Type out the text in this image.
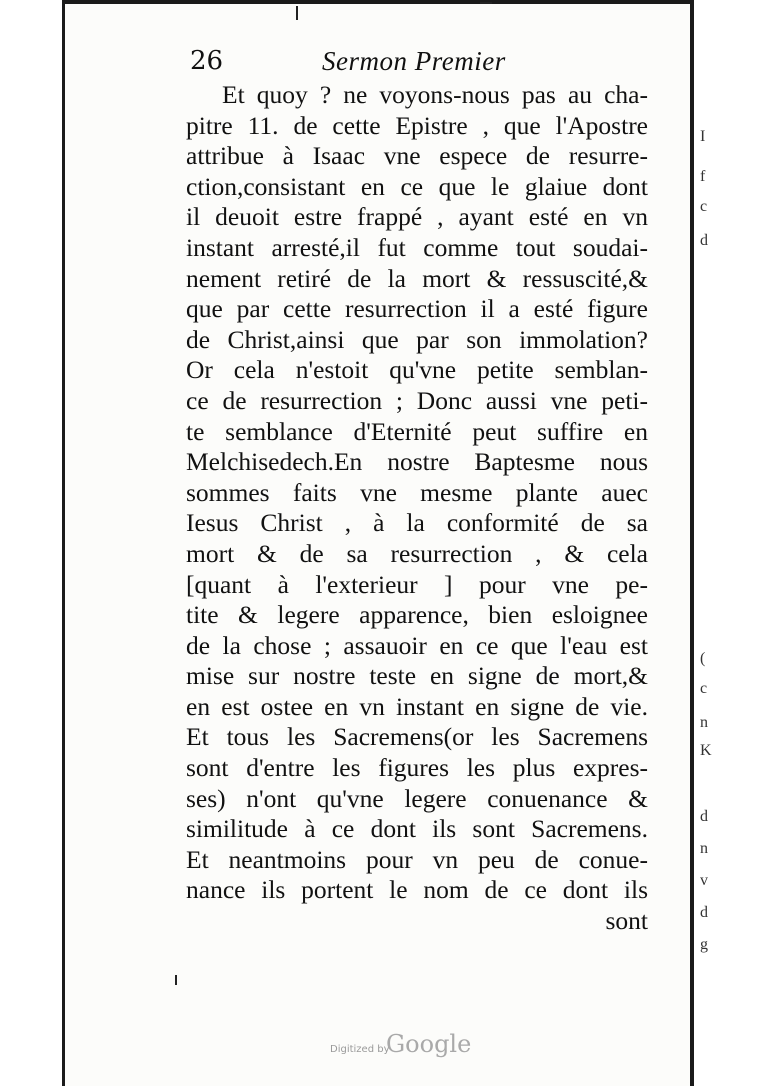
26	Sermon Premier
Et quoy ? ne voyons-nous pas au cha-
pitre 11. de cette Epistre , que l'Apostre
attribue à Isaac vne espece de resurre-
ction,consistant en ce que le glaiue dont
il deuoit estre frappé , ayant esté en vn
instant arresté,il fut comme tout soudai-
nement retiré de la mort & ressuscité,&
que par cette resurrection il a esté figure
de Christ,ainsi que par son immolation?
Or cela n'estoit qu'vne petite semblan-
ce de resurrection ; Donc aussi vne peti-
te semblance d'Eternité peut suffire en
Melchisedech.En nostre Baptesme nous
sommes faits vne mesme plante auec
Iesus Christ , à la conformité de sa
mort & de sa resurrection , & cela
[quant à l'exterieur ] pour vne pe-
tite & legere apparence, bien esloignee
de la chose ; assauoir en ce que l'eau est
mise sur nostre teste en signe de mort,&
en est ostee en vn instant en signe de vie.
Et tous les Sacremens(or les Sacremens
sont d'entre les figures les plus expres-
ses) n'ont qu'vne legere conuenance &
similitude à ce dont ils sont Sacremens.
Et neantmoins pour vn peu de conue-
nance ils portent le nom de ce dont ils
sont
I
f
c
d
(
c
n
K
d
n
v
d
g
Digitized by
Google
